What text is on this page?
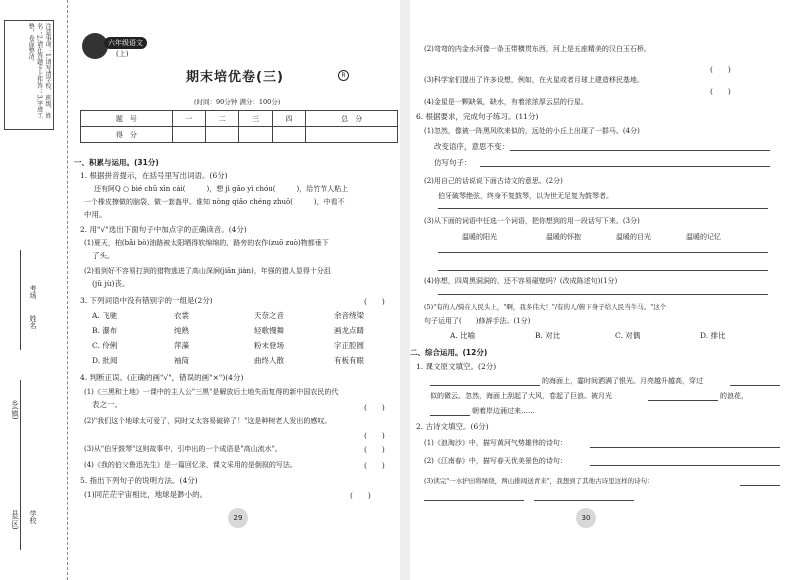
注意事项：1.请写清学校、班级、姓名；2.请在答题卡上作答；3.字迹工整，卷面整洁。
考场
姓名
县(区)
乡(镇)
学校
六年级语文
(上)
期末培优卷(三)	R
(时间：90分钟 满分：100分)
题　号	一	二	三	四	总　分
得　分					
一、积累与运用。(31分)
1. 根据拼音提示，在括号里写出词语。(6分)
还有阿Q ○ bié chū xīn cái(　　　)，想 jì gāo yì chóu(　　　)，给竹节人粘上
一个橡皮擦做的脑袋，做一套盔甲。谁知 nòng qiǎo chéng zhuō(　　　)，中看不
中用。
2. 用"√"选出下面句子中加点字的正确读音。(4分)
(1)夏天，柏(bǎi bò)油路被太阳晒得软绵绵的，路旁的农作(zuō zuò)物都垂下
了头。
(2)看到好不容易打到的猎物逃进了高山深涧(jiān jiàn)，年强的猎人显得十分沮
(jǔ jù)丧。
3. 下列词语中没有错别字的一组是(2分)	(　　)
A. 飞驰	衣裳	天奈之音	余音绕梁
B. 瀑布	纯熟	轻歌慢舞	画龙点睛
C. 伶俐	萍藻	粉末登场	字正腔圆
D. 批阅	袖筒	曲终人散	有板有眼
4. 判断正误。(正确的画"√"，错误的画"×")(4分)
(1)《三黑和土地》一课中的主人公"三黑"是解放后土地失而复得的新中国农民的代
表之一。	(　　)
(2)"我们这个地球太可爱了，同时又太容易破碎了！"这是种树老人发出的感叹。
(　　)
(3)从"伯牙鼓琴"这则故事中，引申出的一个成语是"高山流水"。	(　　)
(4)《我的伯父鲁迅先生》是一篇回忆录，课文采用的是倒叙的写法。	(　　)
5. 指出下列句子的说明方法。(4分)
(1)同茫茫宇宙相比，地球是渺小的。	(　　)
29
(2)弯弯的内金水河像一条玉带横贯东西，河上是五座精美的汉白玉石桥。
(　　)
(3)科学家们提出了许多设想，例如，在火星或者月球上建造移民基地。
(　　)
(4)金星是一颗缺氧，缺水，有着浓浓厚云层的行星。
6. 根据要求，完成句子练习。(11分)
(1)忽然，像被一阵黑风吹来似的，远处的小丘上出现了一群马。(4分)
改变语序，意思不变：
仿写句子：
(2)用自己的话说说下面古诗文的意思。(2分)
伯牙破琴绝弦，终身不复鼓琴，以为世无足复为鼓琴者。
(3)从下面的词语中任选一个词语，把你想到的用一段话写下来。(3分)
温暖的阳光	温暖的怀抱	温暖的目光	温暖的记忆
(4)你想，四周黑洞洞的，还不容易碰壁吗？(改成陈述句)(1分)
(5)"有的人/骑在人民头上，"啊，我多伟大！"/有的人/俯下身子给人民当牛马。"这个
句子运用了(　　)修辞手法。(1分)
A. 比喻	B. 对比	C. 对偶	D. 排比
二、综合运用。(12分)
1. 课文原文填空。(2分)
的海面上，霎时间洒满了银光。月亮越升越高，穿过
似的微云。忽然，海面上刮起了大风，卷起了巨浪。被月光	的浪花，
朝着岸边涌过来……
2. 古诗文填空。(6分)
(1)《浪淘沙》中，描写黄河气势雄伟的诗句：
(2)《江南春》中，描写春天优美景色的诗句：
(3)读完"一水护田将绿绕，两山排闼送青来"，我想到了其他古诗里这样的诗句：
30
